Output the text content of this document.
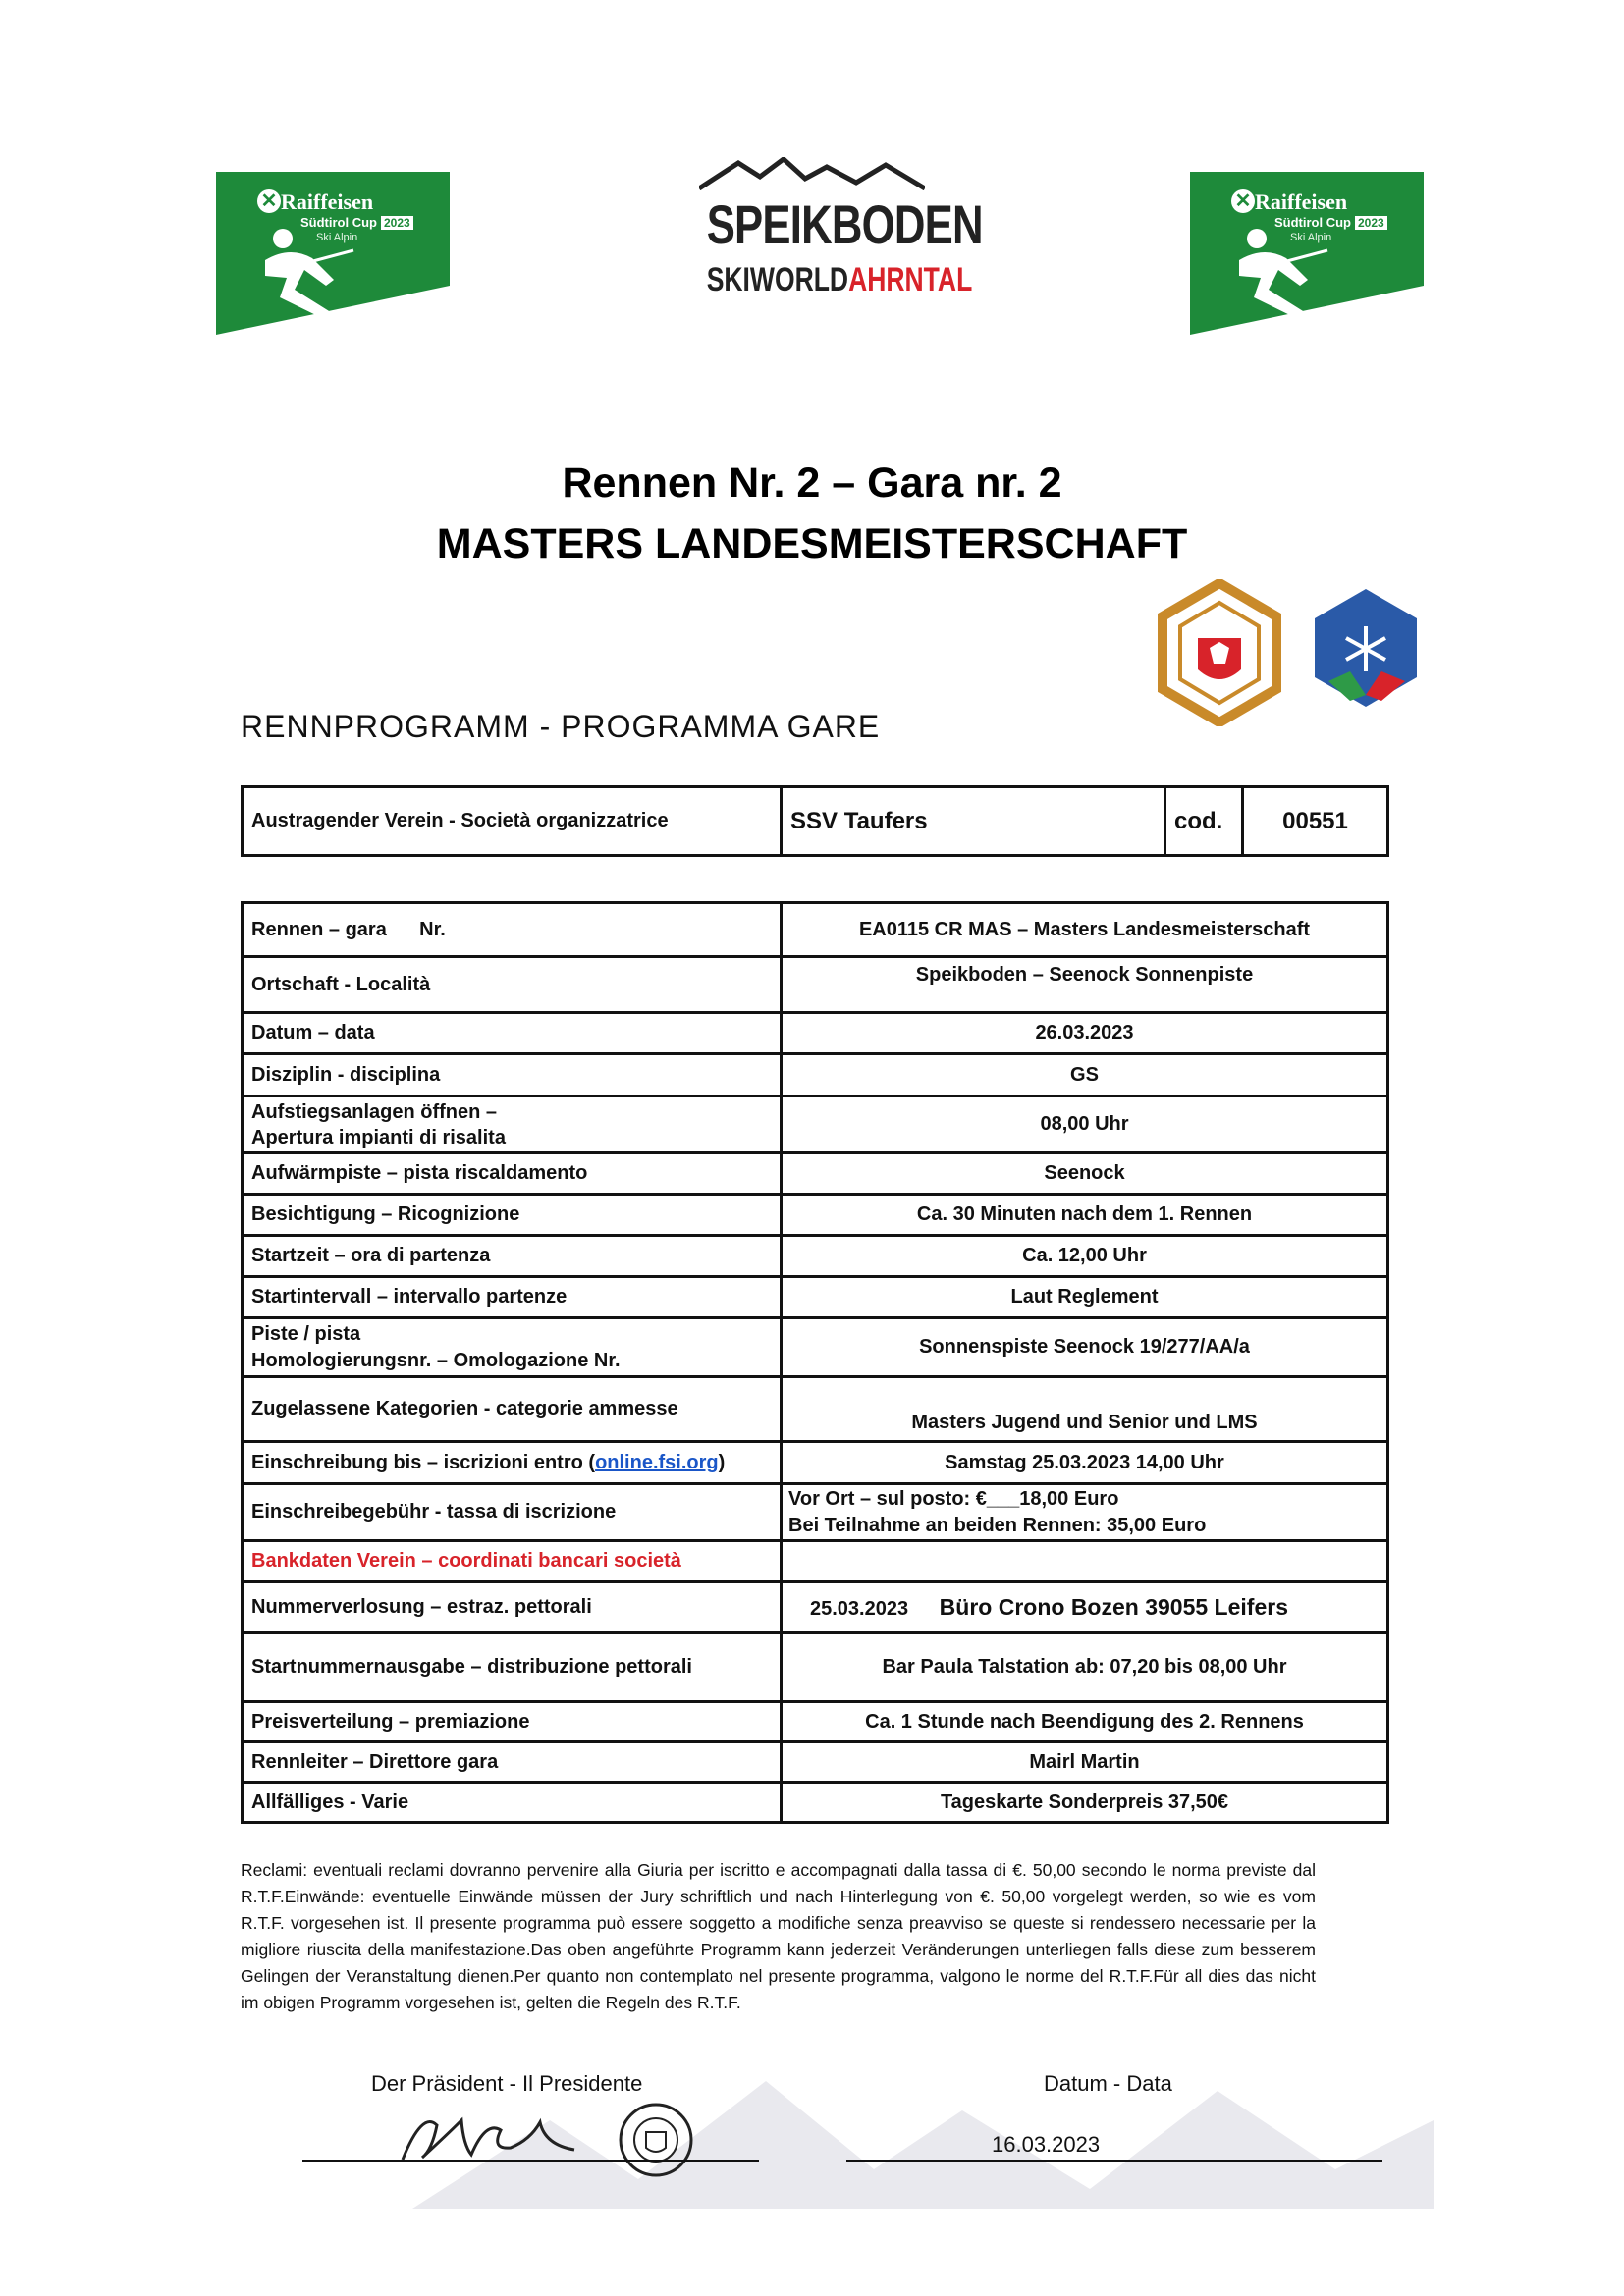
✕ Raiffeisen
Südtirol Cup 2023
Ski Alpin
✕ Raiffeisen
Südtirol Cup 2023
Ski Alpin
SPEIKBODEN
SKIWORLDAHRNTAL
Rennen Nr. 2 – Gara nr. 2
MASTERS LANDESMEISTERSCHAFT
RENNPROGRAMM - PROGRAMMA GARE
Austragender Verein - Società organizzatrice	SSV Taufers	cod.	00551
Rennen – gara      Nr.	EA0115 CR MAS – Masters Landesmeisterschaft
Ortschaft - Località	Speikboden – Seenock Sonnenpiste
Datum – data	26.03.2023
Disziplin - disciplina	GS

Aufstiegsanlagen öffnen –
Apertura impianti di risalita	08,00 Uhr
Aufwärmpiste – pista riscaldamento	Seenock
Besichtigung – Ricognizione	Ca. 30 Minuten nach dem 1. Rennen
Startzeit – ora di partenza	Ca. 12,00 Uhr
Startintervall – intervallo partenze	Laut Reglement

Piste / pista
Homologierungsnr. – Omologazione Nr.	Sonnenspiste Seenock 19/277/AA/a
Zugelassene Kategorien - categorie ammesse	Masters Jugend und Senior und LMS
Einschreibung bis – iscrizioni entro (online.fsi.org)	Samstag 25.03.2023 14,00 Uhr
Einschreibegebühr - tassa di iscrizione	Vor Ort – sul posto: €___18,00 Euro
Bei Teilnahme an beiden Rennen: 35,00 Euro

Bankdaten Verein – coordinati bancari società	
Nummerverlosung – estraz. pettorali	25.03.2023 Büro Crono Bozen 39055 Leifers
Startnummernausgabe – distribuzione pettorali	Bar Paula Talstation ab: 07,20 bis 08,00 Uhr
Preisverteilung – premiazione	Ca. 1 Stunde nach Beendigung des 2. Rennens
Rennleiter – Direttore gara	Mairl Martin
Allfälliges - Varie	Tageskarte Sonderpreis 37,50€
Reclami: eventuali reclami dovranno pervenire alla Giuria per iscritto e accompagnati dalla tassa di €. 50,00 secondo le norma previste dal R.T.F.Einwände: eventuelle Einwände müssen der Jury schriftlich und nach Hinterlegung von €. 50,00 vorgelegt werden, so wie es vom R.T.F. vorgesehen ist. Il presente programma può essere soggetto a modifiche senza preavviso se queste si rendessero necessarie per la migliore riuscita della manifestazione.Das oben angeführte Programm kann jederzeit Veränderungen unterliegen falls diese zum besserem Gelingen der Veranstaltung dienen.Per quanto non contemplato nel presente programma, valgono le norme del R.T.F.Für all dies das nicht im obigen Programm vorgesehen ist, gelten die Regeln des R.T.F.
Der Präsident - Il Presidente	Datum - Data
16.03.2023
